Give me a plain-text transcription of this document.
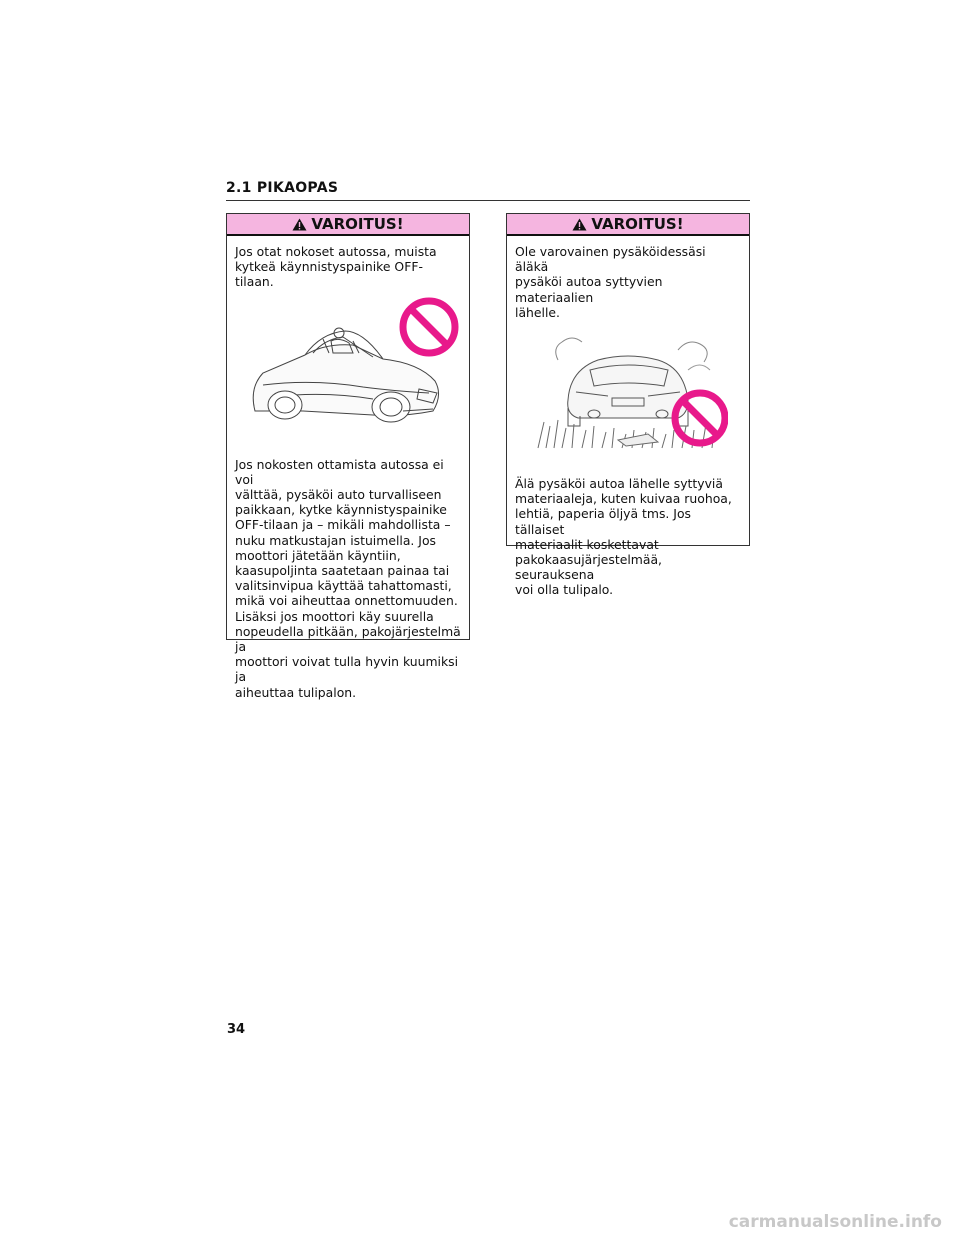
2.1 PIKAOPAS
VAROITUS!

Jos otat nokoset autossa, muista
kytkeä käynnistyspainike OFF-tilaan.

Jos nokosten ottamista autossa ei voi
välttää, pysäköi auto turvalliseen
paikkaan, kytke käynnistyspainike
OFF-tilaan ja – mikäli mahdollista –
nuku matkustajan istuimella. Jos
moottori jätetään käyntiin,
kaasupoljinta saatetaan painaa tai
valitsinvipua käyttää tahattomasti,
mikä voi aiheuttaa onnettomuuden.
Lisäksi jos moottori käy suurella
nopeudella pitkään, pakojärjestelmä ja
moottori voivat tulla hyvin kuumiksi ja
aiheuttaa tulipalon.

VAROITUS!

Ole varovainen pysäköidessäsi äläkä
pysäköi autoa syttyvien materiaalien
lähelle.

Älä pysäköi autoa lähelle syttyviä
materiaaleja, kuten kuivaa ruohoa,
lehtiä, paperia öljyä tms. Jos tällaiset
materiaalit koskettavat
pakokaasujärjestelmää, seurauksena
voi olla tulipalo.

34
carmanualsonline.info
